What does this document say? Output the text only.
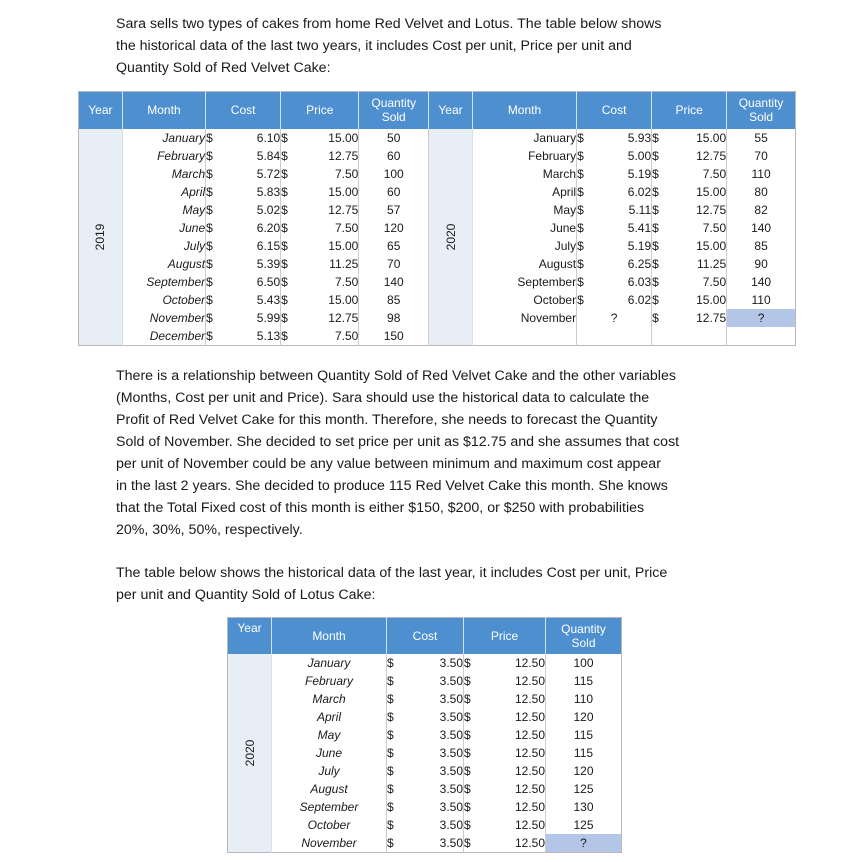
Sara sells two types of cakes from home Red Velvet and Lotus. The table below shows
the historical data of the last two years, it includes Cost per unit, Price per unit and
Quantity Sold of Red Velvet Cake:

Year	Month	Cost	Price	Quantity
Sold	Year	Month	Cost	Price	Quantity
Sold

2019	January	$ 6.10	$ 15.00	50	2020	January	$ 5.93	$ 15.00	55
	February	$ 5.84	$ 12.75	60		February	$ 5.00	$ 12.75	70
	March	$ 5.72	$ 7.50	100		March	$ 5.19	$ 7.50	110
	April	$ 5.83	$ 15.00	60		April	$ 6.02	$ 15.00	80
	May	$ 5.02	$ 12.75	57		May	$ 5.11	$ 12.75	82
	June	$ 6.20	$ 7.50	120		June	$ 5.41	$ 7.50	140
	July	$ 6.15	$ 15.00	65		July	$ 5.19	$ 15.00	85
	August	$ 5.39	$ 11.25	70		August	$ 6.25	$ 11.25	90
	September	$ 6.50	$ 7.50	140		September	$ 6.03	$ 7.50	140
	October	$ 5.43	$ 15.00	85		October	$ 6.02	$ 15.00	110
	November	$ 5.99	$ 12.75	98		November	?	$ 12.75	?
	December	$ 5.13	$ 7.50	150					

There is a relationship between Quantity Sold of Red Velvet Cake and the other variables
(Months, Cost per unit and Price). Sara should use the historical data to calculate the
Profit of Red Velvet Cake for this month. Therefore, she needs to forecast the Quantity
Sold of November. She decided to set price per unit as $12.75 and she assumes that cost
per unit of November could be any value between minimum and maximum cost appear
in the last 2 years. She decided to produce 115 Red Velvet Cake this month. She knows
that the Total Fixed cost of this month is either $150, $200, or $250 with probabilities
20%, 30%, 50%, respectively.

The table below shows the historical data of the last year, it includes Cost per unit, Price
per unit and Quantity Sold of Lotus Cake:

Year	Month	Cost	Price	Quantity
Sold

2020	January	$ 3.50	$ 12.50	100
	February	$ 3.50	$ 12.50	115
	March	$ 3.50	$ 12.50	110
	April	$ 3.50	$ 12.50	120
	May	$ 3.50	$ 12.50	115
	June	$ 3.50	$ 12.50	115
	July	$ 3.50	$ 12.50	120
	August	$ 3.50	$ 12.50	125
	September	$ 3.50	$ 12.50	130
	October	$ 3.50	$ 12.50	125
	November	$ 3.50	$ 12.50	?
